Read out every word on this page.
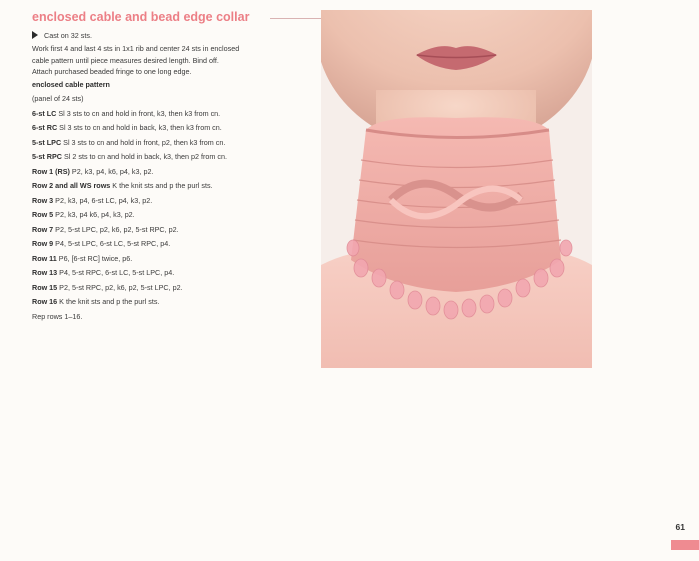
enclosed cable and bead edge collar
Cast on 32 sts.
Work first 4 and last 4 sts in 1x1 rib and center 24 sts in enclosed
cable pattern until piece measures desired length. Bind off.
Attach purchased beaded fringe to one long edge.
enclosed cable pattern
(panel of 24 sts)
6-st LC Sl 3 sts to cn and hold in front, k3, then k3 from cn.
6-st RC Sl 3 sts to cn and hold in back, k3, then k3 from cn.
5-st LPC Sl 3 sts to cn and hold in front, p2, then k3 from cn.
5-st RPC Sl 2 sts to cn and hold in back, k3, then p2 from cn.
Row 1 (RS) P2, k3, p4, k6, p4, k3, p2.
Row 2 and all WS rows K the knit sts and p the purl sts.
Row 3 P2, k3, p4, 6-st LC, p4, k3, p2.
Row 5 P2, k3, p4 k6, p4, k3, p2.
Row 7 P2, 5-st LPC, p2, k6, p2, 5-st RPC, p2.
Row 9 P4, 5-st LPC, 6-st LC, 5-st RPC, p4.
Row 11 P6, [6-st RC] twice, p6.
Row 13 P4, 5-st RPC, 6-st LC, 5-st LPC, p4.
Row 15 P2, 5-st RPC, p2, k6, p2, 5-st LPC, p2.
Row 16 K the knit sts and p the purl sts.
Rep rows 1–16.
61
